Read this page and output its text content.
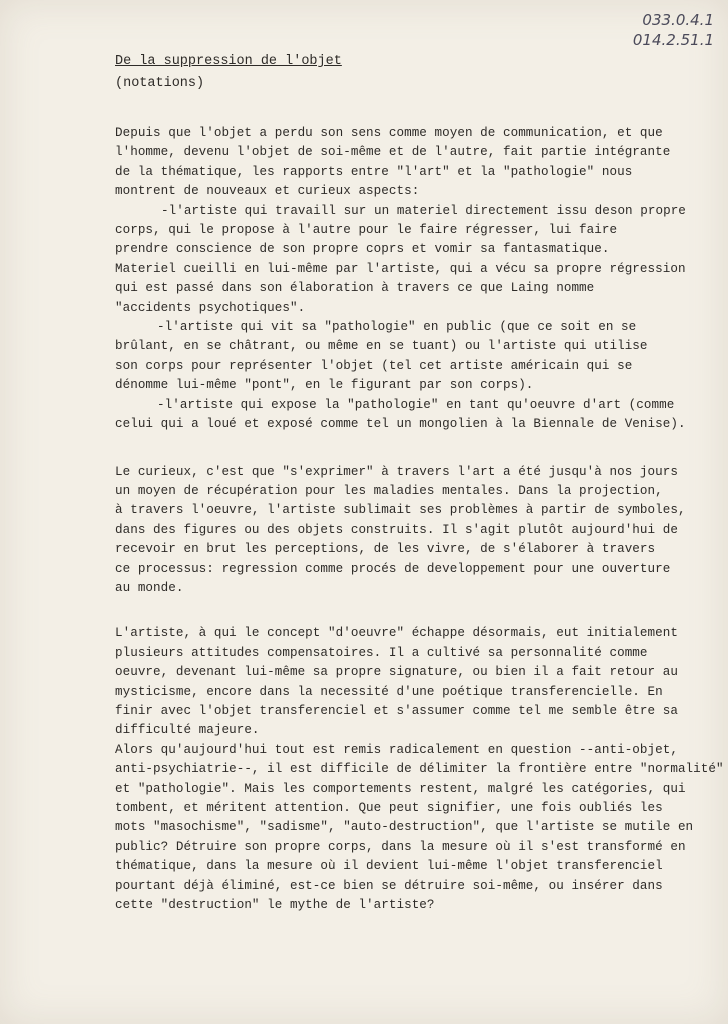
033.0.4.1
014.2.51.1
De la suppression de l'objet
(notations)

Depuis que l'objet a perdu son sens comme moyen de communication, et que

l'homme, devenu l'objet de soi-même et de l'autre, fait partie intégrante

de la thématique, les rapports entre "l'art" et la "pathologie" nous

montrent de nouveaux et curieux aspects:

-l'artiste qui travaill sur un materiel directement issu deson propre

corps, qui le propose à l'autre pour le faire régresser, lui faire

prendre conscience de son propre coprs et vomir sa fantasmatique.

Materiel cueilli en lui-même par l'artiste, qui a vécu sa propre régression

qui est passé dans son élaboration à travers ce que Laing nomme

"accidents psychotiques".

-l'artiste qui vit sa "pathologie" en public (que ce soit en se

brûlant, en se châtrant, ou même en se tuant) ou l'artiste qui utilise

son corps pour représenter l'objet (tel cet artiste américain qui se

dénomme lui-même "pont", en le figurant par son corps).

-l'artiste qui expose la "pathologie" en tant qu'oeuvre d'art (comme

celui qui a loué et exposé comme tel un mongolien à la Biennale de Venise).

Le curieux, c'est que "s'exprimer" à travers l'art a été jusqu'à nos jours

un moyen de récupération pour les maladies mentales. Dans la projection,

à travers l'oeuvre, l'artiste sublimait ses problèmes à partir de symboles,

dans des figures ou des objets construits. Il s'agit plutôt aujourd'hui de

recevoir en brut les perceptions, de les vivre, de s'élaborer à travers

ce processus: regression comme procés de developpement pour une ouverture

au monde.

L'artiste, à qui le concept "d'oeuvre" échappe désormais, eut initialement

plusieurs attitudes compensatoires. Il a cultivé sa personnalité comme

oeuvre, devenant lui-même sa propre signature, ou bien il a fait retour au

mysticisme, encore dans la necessité d'une poétique transferencielle. En

finir avec l'objet transferenciel et s'assumer comme tel me semble être sa

difficulté majeure.

Alors qu'aujourd'hui tout est remis radicalement en question --anti-objet,

anti-psychiatrie--, il est difficile de délimiter la frontière entre "normalité"

et "pathologie". Mais les comportements restent, malgré les catégories, qui

tombent, et méritent attention. Que peut signifier, une fois oubliés les

mots "masochisme", "sadisme", "auto-destruction", que l'artiste se mutile en

public? Détruire son propre corps, dans la mesure où il s'est transformé en

thématique, dans la mesure où il devient lui-même l'objet transferenciel

pourtant déjà éliminé, est-ce bien se détruire soi-même, ou insérer dans

cette "destruction" le mythe de l'artiste?
